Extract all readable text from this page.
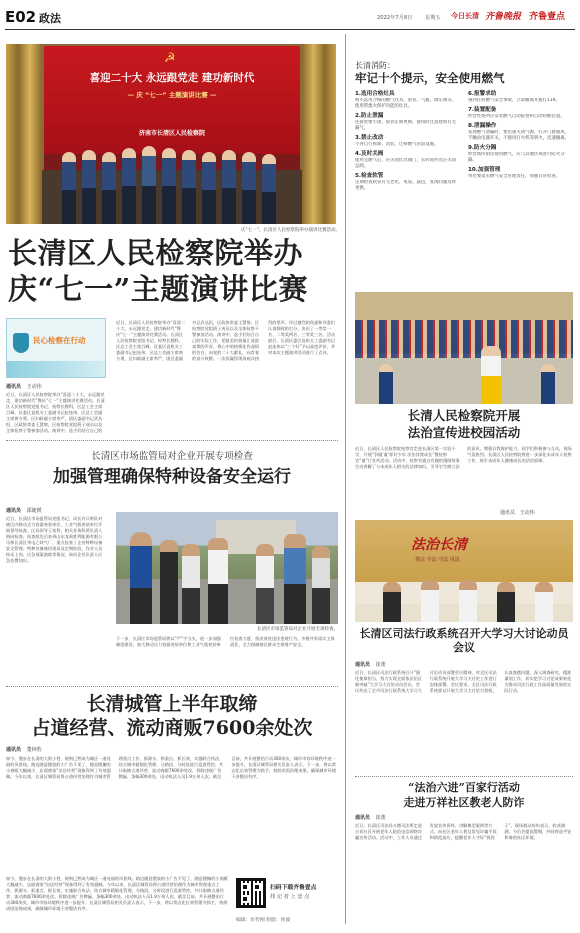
E02 政法	2022年7月8日 星期五 今日长清 齐鲁晚报 齐鲁壹点
☭
喜迎二十大 永远跟党走 建功新时代
— 庆 “七一” 主题演讲比赛 —
济南市长清区人民检察院
庆“七一”，长清区人民检察院举办演讲比赛活动。
长清区人民检察院举办
庆“七一”主题演讲比赛
民心检察在行动
通讯员 王动伟
近日，长清区人民检察院举办“喜迎二十大，永远跟党走，建功新时代”暨庆“七一”主题演讲比赛活动。长清区人民检察院党组书记、检察长穆科，区总工会主席吕峰，区委区直机关工委副书记赵连伟，区总工会副主席黄方勇，区妇联副主席李严，团区委副书记武丛恒，区政协常委王慧黎，区检察院党组班子成员以及全体检察干警参加活动。演讲中，选手们结合自己的
近日，长清区人民检察院举办“喜迎二十大，永远跟党走，建功新时代”暨庆“七一”主题演讲比赛活动。长清区人民检察院党组书记、检察长穆科，区总工会主席吕峰，区委区直机关工委副书记赵连伟，区总工会副主席黄方勇，区妇联副主席李严，团区委副书记武丛恒，区政协常委王慧黎，区检察院党组班子成员以及全体检察干警参加活动。演讲中，选手们结合自己的实际工作，把最美的祝福汇成最真挚的声音，将心中的热情化作深情的告白，向党的二十大献礼，向青春的奋斗致敬。一次次赢得现场观众热烈的掌声。经过激烈的角逐和评委们认真细致的打分，决出了一等奖一名、二等奖两名、三等奖三名。活动最后，长清区委区直机关工委副书记赵连伟以“三个好”予以高度评价，并对本次主题演讲活动进行了点评。
长清区市场监管局对企业开展专项检查
加强管理确保特种设备安全运行
通讯员 邵婕媛
近日，长清区市场监管局党组书记、局长许兵带队对辖区内移动式力容器充装单位、工业气瓶充装单位开展督导检查。区局领导王家利、相关业务科所负责人陪同检查。检查组先后来到山东龙禹胜利能源有限公司和长清区李屯乙炔气厂，重点检查了企业特种设备安全管理、特种设备使用现场及定期检验、作业人员持证上岗、应急预案演练等情况，询问企业负责人应急处置知识。
长清区市场监管局对企业开展专项检查。
下一步，长清区市场监管局将以“严”字当头，进一步加强制度建设，加大移动压力容器充装单位和工业气瓶充装单位检查力度，依法查处违法违规行为，多措并举落实主体责任，全力保障辖区群众生命财产安全。
长清城管上半年取缔
占道经营、流动商贩7600余处次
通讯员 董林豹
如今，漫步在长清的大街小巷，规则已然成为城区一道亮丽的风景线。路边随意摆放的小广告不见了，随意摆摊的小商贩大幅减少，店面商家“出店经营”现象得到了有效遏制。今年以来，长清区城管局将占道经营治理作为城市管理重点工作，抓源头、抓重点、抓长效，实施联合执法，结合城市精细化管理，分路段、分时段进行巡查管控，共计取缔占道经营、流动商贩7600余处次，拆除违规广告牌匾、条幅300余处，出动执法人员1.9万余人次。截至目前，共开展整治行动300余次，城市市容环境秩序进一步提升。长清区城管局相关负责人表示，下一步，将以常态化长效管理为抓手，持续巩固治理成果，确保城市环境干净整洁有序。
如今，漫步在长清的大街小巷，规则已然成为城区一道亮丽的风景线。路边随意摆放的小广告不见了，随意摆摊的小商贩大幅减少，店面商家“出店经营”现象得到了有效遏制。今年以来，长清区城管局将占道经营治理作为城市管理重点工作，抓源头、抓重点、抓长效，实施联合执法，结合城市精细化管理，分路段、分时段进行巡查管控，共计取缔占道经营、流动商贩7600余处次，拆除违规广告牌匾、条幅300余处，出动执法人员1.9万余人次。截至目前，共开展整治行动300余次，城市市容环境秩序进一步提升。长清区城管局相关负责人表示，下一步，将以常态化长效管理为抓手，持续巩固治理成果，确保城市环境干净整洁有序。
扫码下载齐鲁壹点
找 记 者 上 壹 点
编辑：彭传刚 组版：侯波
长清消防：
牢记十个提示，安全使用燃气
1.选用合格灶具
购买选用合格的燃气灶具，胶管、气瓶、调压阀等，使用带熄火保护功能的灶具。
2.防止泄漏
连接处要牢固，胶管定期更换，使用时注意观察有无漏气。
3.禁止改动
不得自行拆除、改装、迁移燃气管道设施。
4.及时关阀
使用完燃气后，应关闭灶具阀门，长时间外出应关闭总阀。
5.检查软管
定期检查软管有无老化、龟裂、鼓包，发现问题及时更换。
6.报警求助
遇到任何燃气安全事故，立即撤离并拨打119。
7.装置配备
经营性场所应安装燃气自动报警和自动切断装置。
8.泄漏操作
发现燃气泄漏时，要迅速关闭气源，打开门窗通风，不触动电器开关，不使用打火机等明火，迅速撤离。
9.防火分隔
经营场所厨房使用燃气，应与其他区域进行防火分隔。
10.加强管理
单位要落实燃气安全管理责任，加强日常检查。
长清人民检察院开展
法治宣传进校园活动
近日，长清区人民检察院检察官走进长清区第一实验小学，开展“争做‘童’样好少年 法治伴我成长”暨检察官“童”行宣传活动。活动中，检察官通过有趣的漫画故事生动讲解了与未成年人相关的法律知识，引导学生树立法治意识，增强自我保护能力。同学们积极参与互动，现场气氛热烈。长清区人民检察院将进一步深化未成年人检察工作，筑牢未成年人健康成长的法治屏障。
通讯员 王动伟
法治长清
尊法 学法 守法 用法
长清区司法行政系统召开大学习大讨论动员会议
通讯员 崔蕾
近日，长清区司法行政系统召开“强化使命担当，努力实现全面依法治区新突破”大学习大讨论动员会议。会议传达了全市司法行政系统大学习大讨论动员部署会议精神，对全区司法行政系统开展大学习大讨论工作进行安排部署。会议要求，全区司法行政系统要以开展大学习大讨论为契机，认真查摆问题，深入调查研究，精准谋划工作，切实把学习讨论成果转化为推动司法行政工作高质量发展的实际行动。
“法治六进”百家行活动
走进万祥社区教老人防诈
通讯员 崔蕾
近日，长清区司法局万德司法所走进万祥社区开展老年人防范电信网络诈骗宣传活动。活动中，工作人员通过发放宣传资料、讲解典型案例等方式，向社区老年人普及常见诈骗手段和防范技巧，提醒老年人守好“钱袋子”。现场群众纷纷表示，收获满满，今后会提高警惕，共同营造平安和谐的社区环境。
